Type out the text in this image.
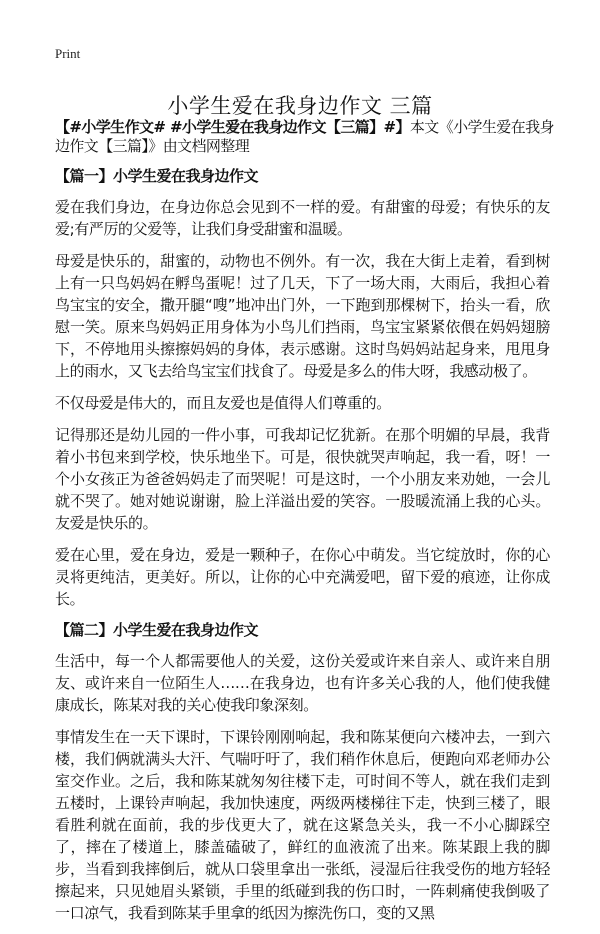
Print
小学生爱在我身边作文 三篇
【#小学生作文# #小学生爱在我身边作文【三篇】#】本文《小学生爱在我身边作文【三篇】》由文档网整理
【篇一】小学生爱在我身边作文

爱在我们身边，在身边你总会见到不一样的爱。有甜蜜的母爱；有快乐的友爱;有严厉的父爱等，让我们身受甜蜜和温暖。

母爱是快乐的，甜蜜的，动物也不例外。有一次，我在大街上走着，看到树上有一只鸟妈妈在孵鸟蛋呢！过了几天，下了一场大雨，大雨后，我担心着鸟宝宝的安全，撒开腿“嗖”地冲出门外，一下跑到那棵树下，抬头一看，欣慰一笑。原来鸟妈妈正用身体为小鸟儿们挡雨，鸟宝宝紧紧依偎在妈妈翅膀下，不停地用头擦擦妈妈的身体，表示感谢。这时鸟妈妈站起身来，甩甩身上的雨水，又飞去给鸟宝宝们找食了。母爱是多么的伟大呀，我感动极了。

不仅母爱是伟大的，而且友爱也是值得人们尊重的。

记得那还是幼儿园的一件小事，可我却记忆犹新。在那个明媚的早晨，我背着小书包来到学校，快乐地坐下。可是，很快就哭声响起，我一看，呀！一个小女孩正为爸爸妈妈走了而哭呢！可是这时，一个小朋友来劝她，一会儿就不哭了。她对她说谢谢，脸上洋溢出爱的笑容。一股暖流涌上我的心头。友爱是快乐的。

爱在心里，爱在身边，爱是一颗种子，在你心中萌发。当它绽放时，你的心灵将更纯洁，更美好。所以，让你的心中充满爱吧，留下爱的痕迹，让你成长。

【篇二】小学生爱在我身边作文

生活中，每一个人都需要他人的关爱，这份关爱或许来自亲人、或许来自朋友、或许来自一位陌生人……在我身边，也有许多关心我的人，他们使我健康成长，陈某对我的关心使我印象深刻。

事情发生在一天下课时，下课铃刚刚响起，我和陈某便向六楼冲去，一到六楼，我们俩就满头大汗、气喘吁吁了，我们稍作休息后，便跑向邓老师办公室交作业。之后，我和陈某就匆匆往楼下走，可时间不等人，就在我们走到五楼时，上课铃声响起，我加快速度，两级两楼梯往下走，快到三楼了，眼看胜利就在面前，我的步伐更大了，就在这紧急关头，我一不小心脚踩空了，摔在了楼道上，膝盖磕破了，鲜红的血液流了出来。陈某跟上我的脚步，当看到我摔倒后，就从口袋里拿出一张纸，浸湿后往我受伤的地方轻轻擦起来，只见她眉头紧锁，手里的纸碰到我的伤口时，一阵刺痛使我倒吸了一口凉气，我看到陈某手里拿的纸因为擦洗伤口，变的又黑
